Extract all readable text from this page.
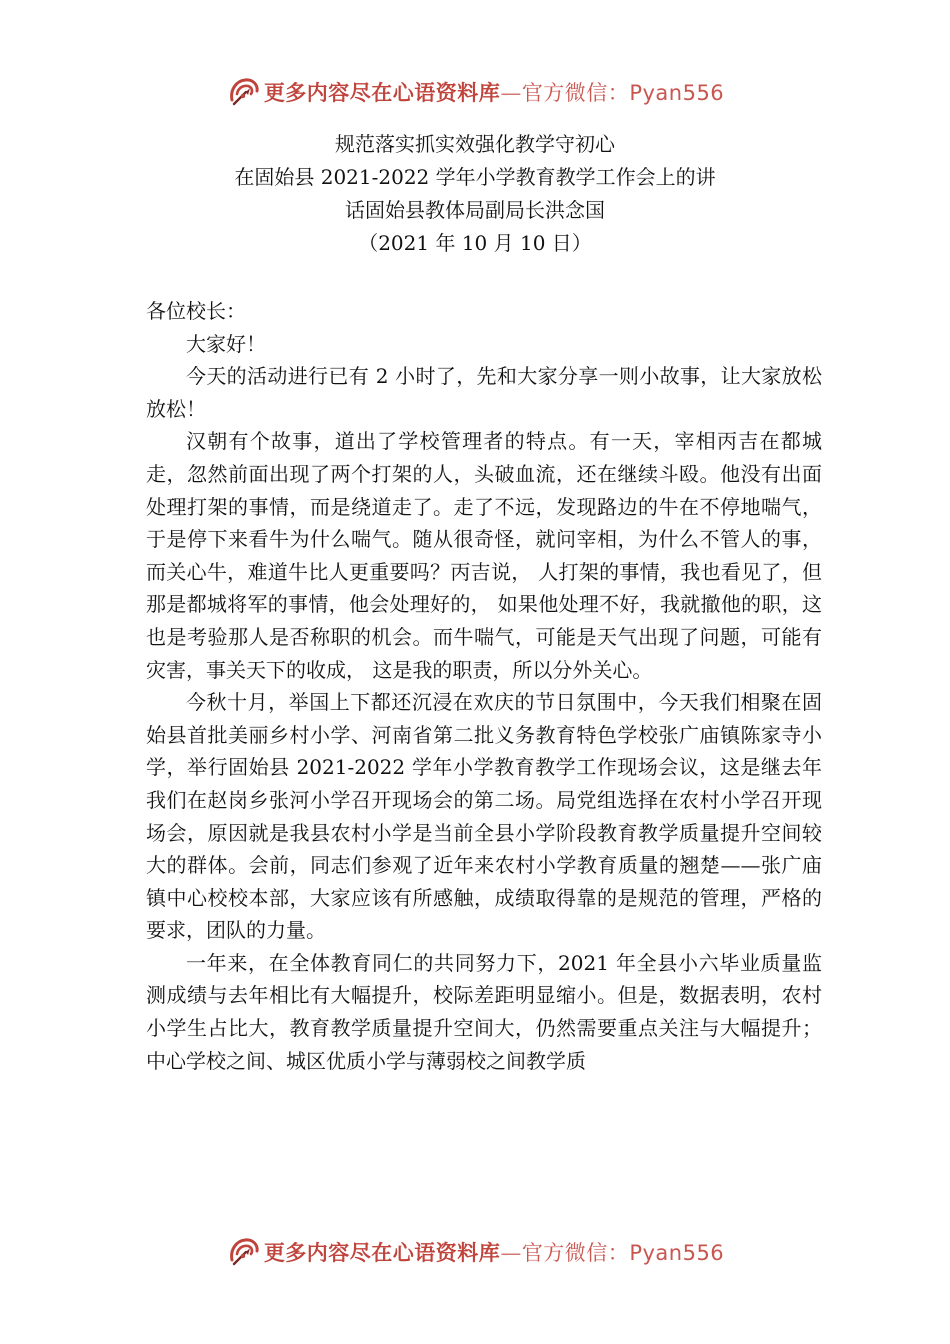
更多内容尽在心语资料库—官方微信：Pyan556
规范落实抓实效强化教学守初心
在固始县 2021-2022 学年小学教育教学工作会上的讲
话固始县教体局副局长洪念国
（2021 年 10 月 10 日）

各位校长：

大家好！

今天的活动进行已有 2 小时了，先和大家分享一则小故事，让大家放松放松！

汉朝有个故事，道出了学校管理者的特点。有一天，宰相丙吉在都城走，忽然前面出现了两个打架的人，头破血流，还在继续斗殴。他没有出面处理打架的事情，而是绕道走了。走了不远，发现路边的牛在不停地喘气，于是停下来看牛为什么喘气。随从很奇怪，就问宰相，为什么不管人的事，而关心牛，难道牛比人更重要吗？丙吉说， 人打架的事情，我也看见了，但那是都城将军的事情，他会处理好的， 如果他处理不好，我就撤他的职，这也是考验那人是否称职的机会。而牛喘气，可能是天气出现了问题，可能有灾害，事关天下的收成， 这是我的职责，所以分外关心。

今秋十月，举国上下都还沉浸在欢庆的节日氛围中，今天我们相聚在固始县首批美丽乡村小学、河南省第二批义务教育特色学校张广庙镇陈家寺小学，举行固始县 2021-2022 学年小学教育教学工作现场会议，这是继去年我们在赵岗乡张河小学召开现场会的第二场。局党组选择在农村小学召开现场会，原因就是我县农村小学是当前全县小学阶段教育教学质量提升空间较大的群体。会前，同志们参观了近年来农村小学教育质量的翘楚——张广庙镇中心校校本部，大家应该有所感触，成绩取得靠的是规范的管理，严格的要求，团队的力量。

一年来，在全体教育同仁的共同努力下，2021 年全县小六毕业质量监测成绩与去年相比有大幅提升，校际差距明显缩小。但是，数据表明，农村小学生占比大，教育教学质量提升空间大，仍然需要重点关注与大幅提升；中心学校之间、城区优质小学与薄弱校之间教学质

更多内容尽在心语资料库—官方微信：Pyan556
